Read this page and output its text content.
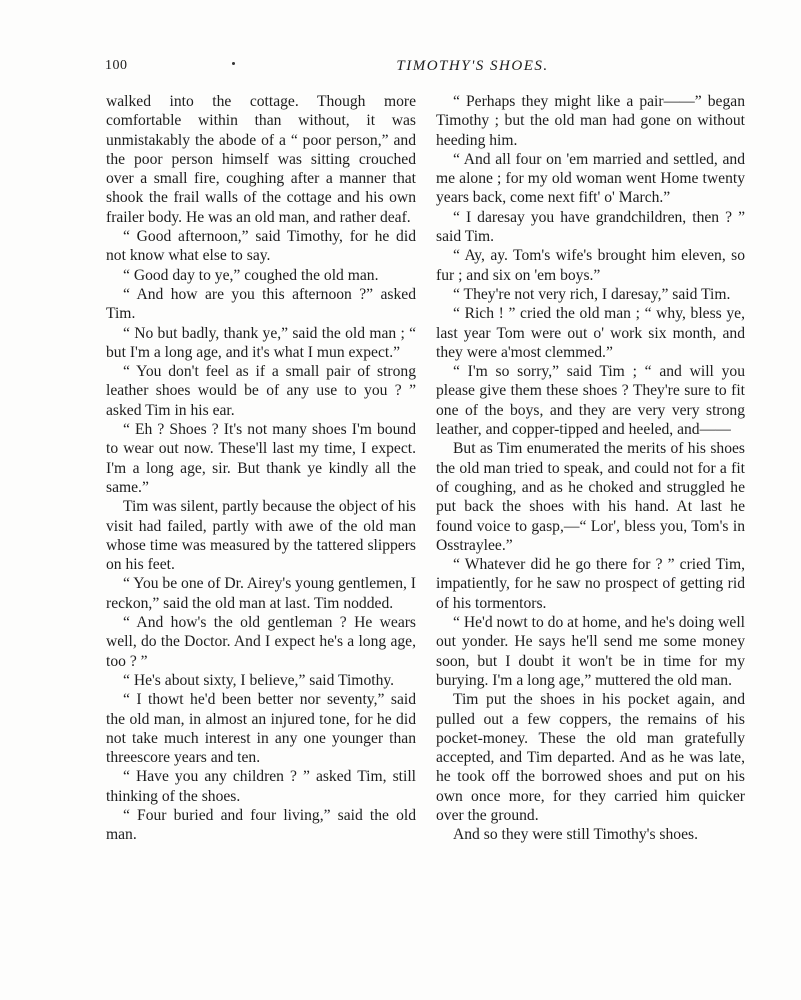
100	TIMOTHY'S SHOES.

walked into the cottage. Though more comfortable within than without, it was unmistakably the abode of a “ poor person,” and the poor person himself was sitting crouched over a small fire, coughing after a manner that shook the frail walls of the cottage and his own frailer body. He was an old man, and rather deaf.

“ Good afternoon,” said Timothy, for he did not know what else to say.

“ Good day to ye,” coughed the old man.

“ And how are you this afternoon ?” asked Tim.

“ No but badly, thank ye,” said the old man ; “ but I'm a long age, and it's what I mun expect.”

“ You don't feel as if a small pair of strong leather shoes would be of any use to you ? ” asked Tim in his ear.

“ Eh ? Shoes ? It's not many shoes I'm bound to wear out now. These'll last my time, I expect. I'm a long age, sir. But thank ye kindly all the same.”

Tim was silent, partly because the object of his visit had failed, partly with awe of the old man whose time was measured by the tattered slippers on his feet.

“ You be one of Dr. Airey's young gentlemen, I reckon,” said the old man at last. Tim nodded.

“ And how's the old gentleman ? He wears well, do the Doctor. And I expect he's a long age, too ? ”

“ He's about sixty, I believe,” said Timothy.

“ I thowt he'd been better nor seventy,” said the old man, in almost an injured tone, for he did not take much interest in any one younger than threescore years and ten.

“ Have you any children ? ” asked Tim, still thinking of the shoes.

“ Four buried and four living,” said the old man.

“ Perhaps they might like a pair——” began Timothy ; but the old man had gone on without heeding him.

“ And all four on 'em married and settled, and me alone ; for my old woman went Home twenty years back, come next fift' o' March.”

“ I daresay you have grandchildren, then ? ” said Tim.

“ Ay, ay. Tom's wife's brought him eleven, so fur ; and six on 'em boys.”

“ They're not very rich, I daresay,” said Tim.

“ Rich ! ” cried the old man ; “ why, bless ye, last year Tom were out o' work six month, and they were a'most clemmed.”

“ I'm so sorry,” said Tim ; “ and will you please give them these shoes ? They're sure to fit one of the boys, and they are very very strong leather, and copper-tipped and heeled, and——

But as Tim enumerated the merits of his shoes the old man tried to speak, and could not for a fit of coughing, and as he choked and struggled he put back the shoes with his hand. At last he found voice to gasp,—“ Lor', bless you, Tom's in Osstraylee.”

“ Whatever did he go there for ? ” cried Tim, impatiently, for he saw no prospect of getting rid of his tormentors.

“ He'd nowt to do at home, and he's doing well out yonder. He says he'll send me some money soon, but I doubt it won't be in time for my burying. I'm a long age,” muttered the old man.

Tim put the shoes in his pocket again, and pulled out a few coppers, the remains of his pocket-money. These the old man gratefully accepted, and Tim departed. And as he was late, he took off the borrowed shoes and put on his own once more, for they carried him quicker over the ground.

And so they were still Timothy's shoes.
